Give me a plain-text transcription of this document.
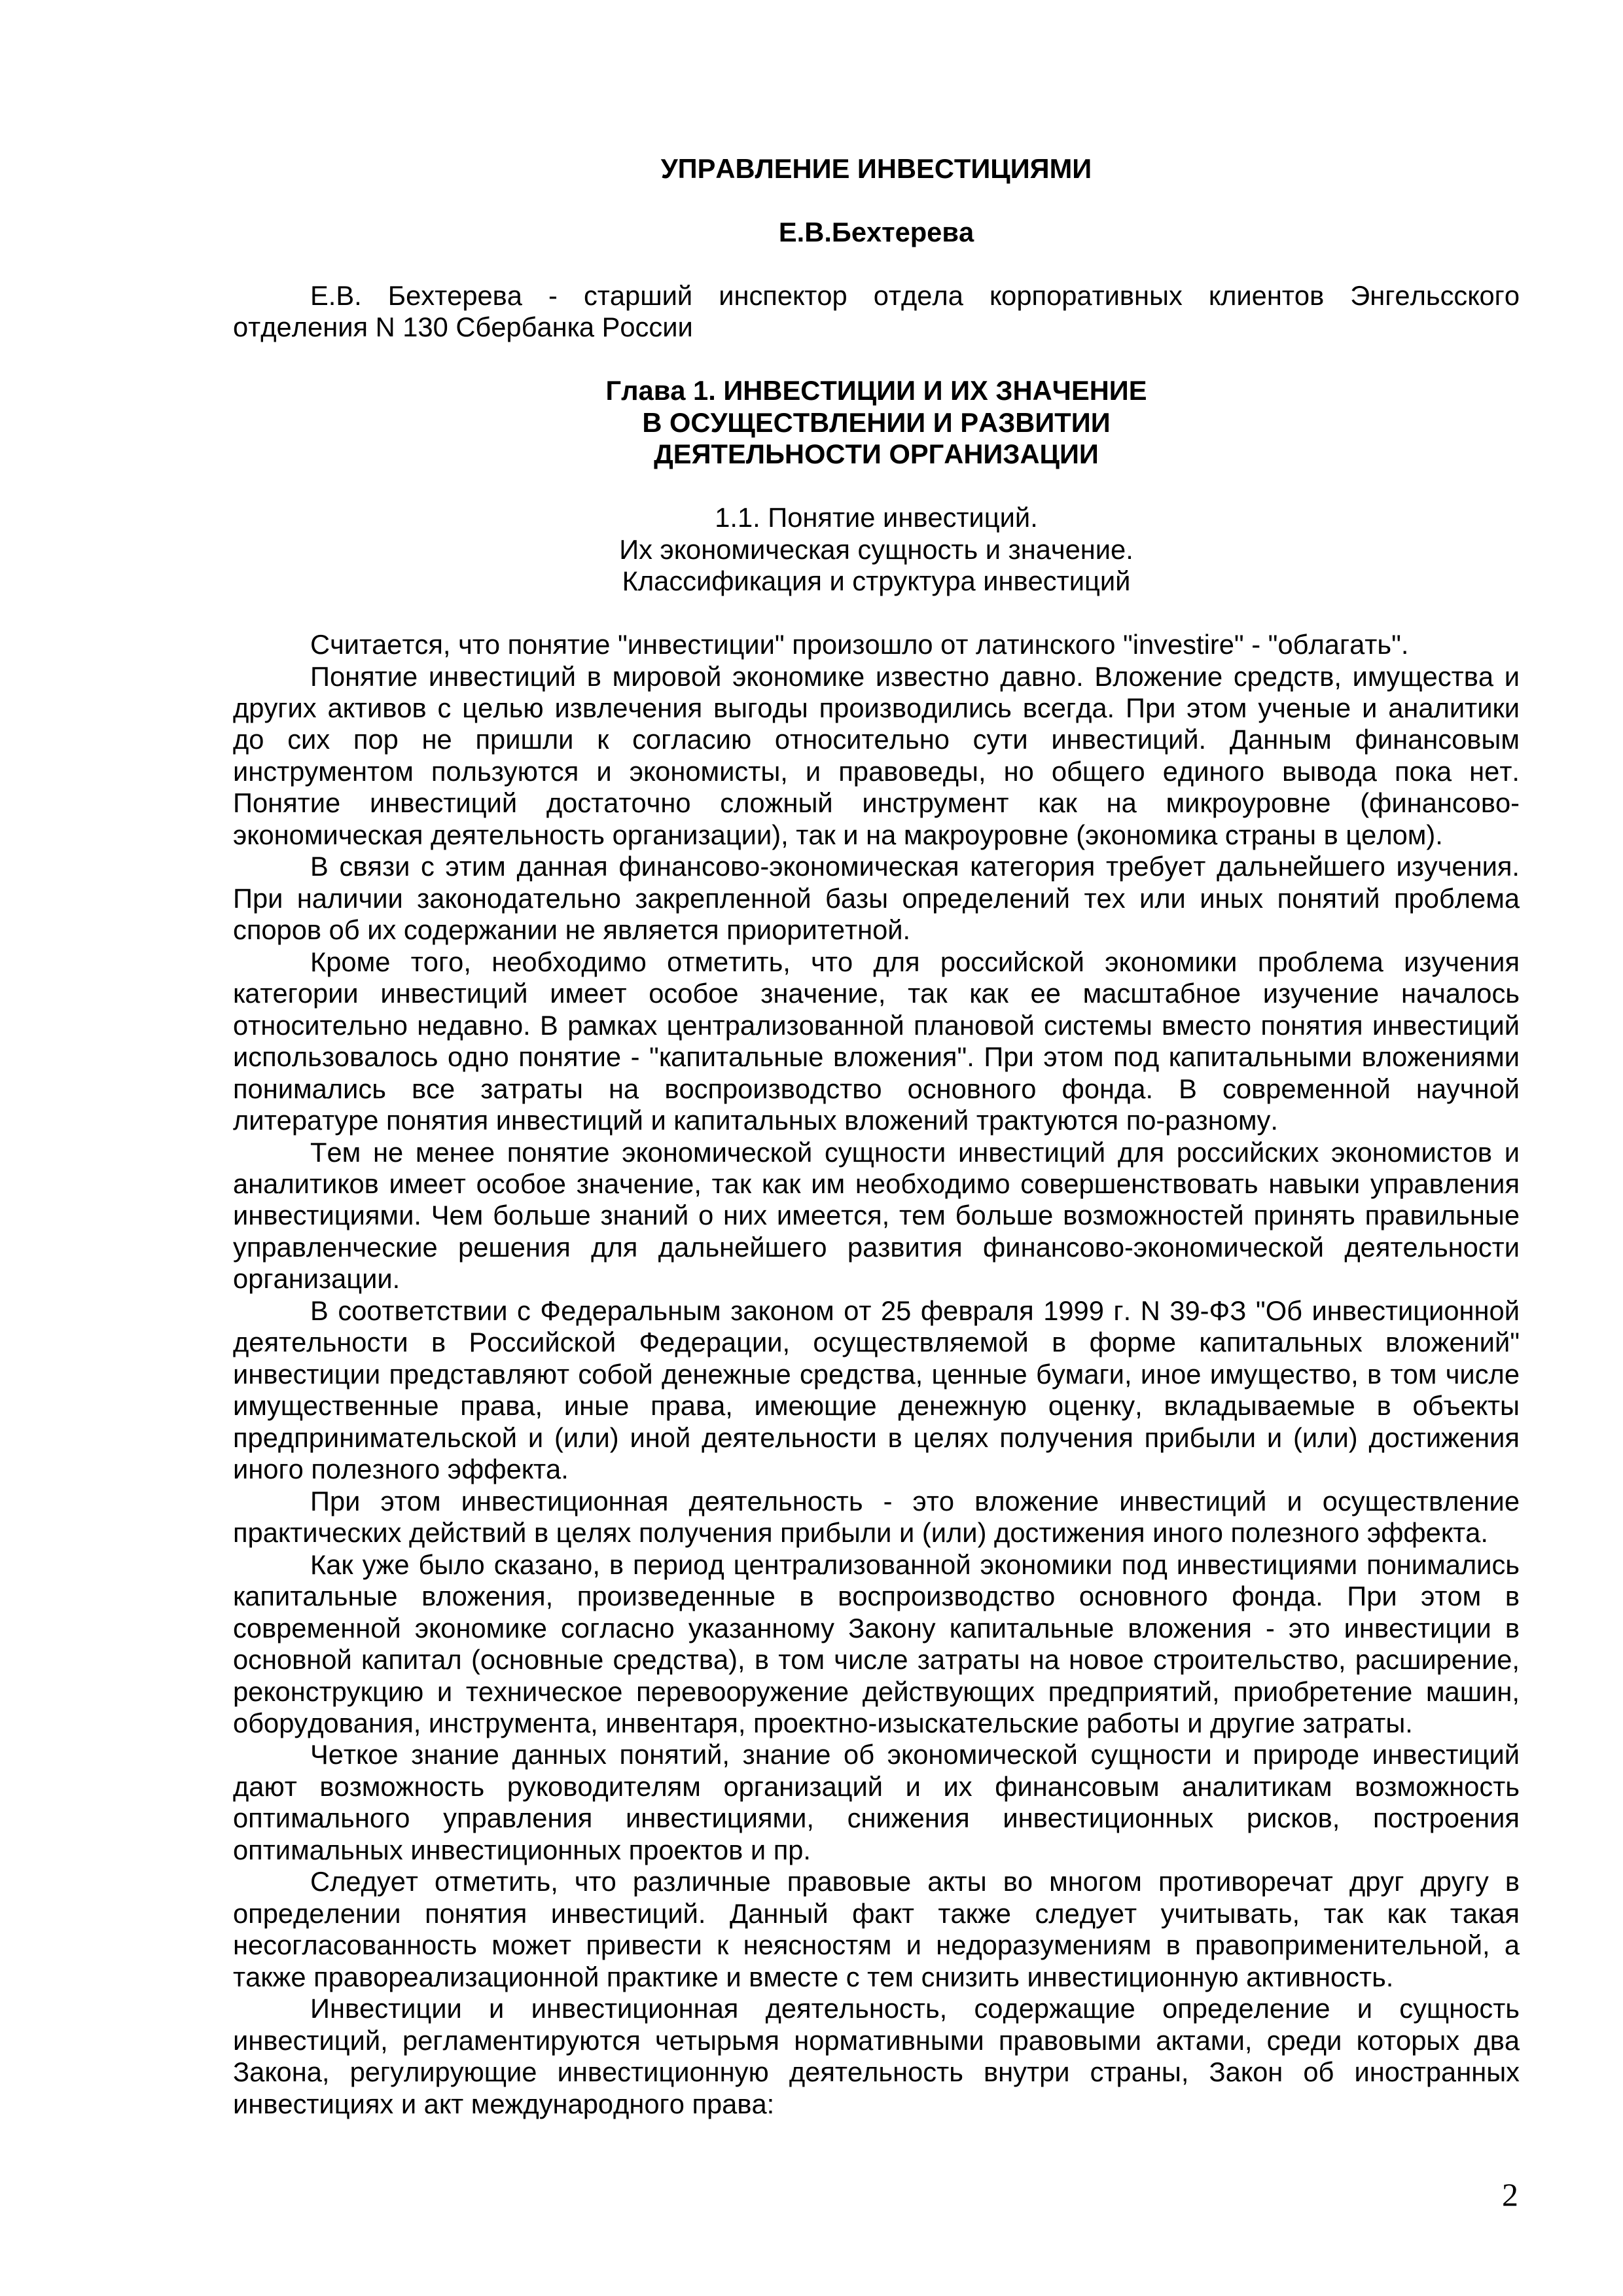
УПРАВЛЕНИЕ ИНВЕСТИЦИЯМИ
Е.В.Бехтерева
Е.В. Бехтерева - старший инспектор отдела корпоративных клиентов Энгельсского
отделения N 130 Сбербанка России
Глава 1. ИНВЕСТИЦИИ И ИХ ЗНАЧЕНИЕ
В ОСУЩЕСТВЛЕНИИ И РАЗВИТИИ
ДЕЯТЕЛЬНОСТИ ОРГАНИЗАЦИИ
1.1. Понятие инвестиций.
Их экономическая сущность и значение.
Классификация и структура инвестиций
Считается, что понятие "инвестиции" произошло от латинского "investire" - "облагать".
Понятие инвестиций в мировой экономике известно давно. Вложение средств, имущества и
других активов с целью извлечения выгоды производились всегда. При этом ученые и аналитики
до сих пор не пришли к согласию относительно сути инвестиций. Данным финансовым
инструментом пользуются и экономисты, и правоведы, но общего единого вывода пока нет.
Понятие инвестиций достаточно сложный инструмент как на микроуровне (финансово-
экономическая деятельность организации), так и на макроуровне (экономика страны в целом).
В связи с этим данная финансово-экономическая категория требует дальнейшего изучения.
При наличии законодательно закрепленной базы определений тех или иных понятий проблема
споров об их содержании не является приоритетной.
Кроме того, необходимо отметить, что для российской экономики проблема изучения
категории инвестиций имеет особое значение, так как ее масштабное изучение началось
относительно недавно. В рамках централизованной плановой системы вместо понятия инвестиций
использовалось одно понятие - "капитальные вложения". При этом под капитальными вложениями
понимались все затраты на воспроизводство основного фонда. В современной научной
литературе понятия инвестиций и капитальных вложений трактуются по-разному.
Тем не менее понятие экономической сущности инвестиций для российских экономистов и
аналитиков имеет особое значение, так как им необходимо совершенствовать навыки управления
инвестициями. Чем больше знаний о них имеется, тем больше возможностей принять правильные
управленческие решения для дальнейшего развития финансово-экономической деятельности
организации.
В соответствии с Федеральным законом от 25 февраля 1999 г. N 39-ФЗ "Об инвестиционной
деятельности в Российской Федерации, осуществляемой в форме капитальных вложений"
инвестиции представляют собой денежные средства, ценные бумаги, иное имущество, в том числе
имущественные права, иные права, имеющие денежную оценку, вкладываемые в объекты
предпринимательской и (или) иной деятельности в целях получения прибыли и (или) достижения
иного полезного эффекта.
При этом инвестиционная деятельность - это вложение инвестиций и осуществление
практических действий в целях получения прибыли и (или) достижения иного полезного эффекта.
Как уже было сказано, в период централизованной экономики под инвестициями понимались
капитальные вложения, произведенные в воспроизводство основного фонда. При этом в
современной экономике согласно указанному Закону капитальные вложения - это инвестиции в
основной капитал (основные средства), в том числе затраты на новое строительство, расширение,
реконструкцию и техническое перевооружение действующих предприятий, приобретение машин,
оборудования, инструмента, инвентаря, проектно-изыскательские работы и другие затраты.
Четкое знание данных понятий, знание об экономической сущности и природе инвестиций
дают возможность руководителям организаций и их финансовым аналитикам возможность
оптимального управления инвестициями, снижения инвестиционных рисков, построения
оптимальных инвестиционных проектов и пр.
Следует отметить, что различные правовые акты во многом противоречат друг другу в
определении понятия инвестиций. Данный факт также следует учитывать, так как такая
несогласованность может привести к неясностям и недоразумениям в правоприменительной, а
также правореализационной практике и вместе с тем снизить инвестиционную активность.
Инвестиции и инвестиционная деятельность, содержащие определение и сущность
инвестиций, регламентируются четырьмя нормативными правовыми актами, среди которых два
Закона, регулирующие инвестиционную деятельность внутри страны, Закон об иностранных
инвестициях и акт международного права:
2
